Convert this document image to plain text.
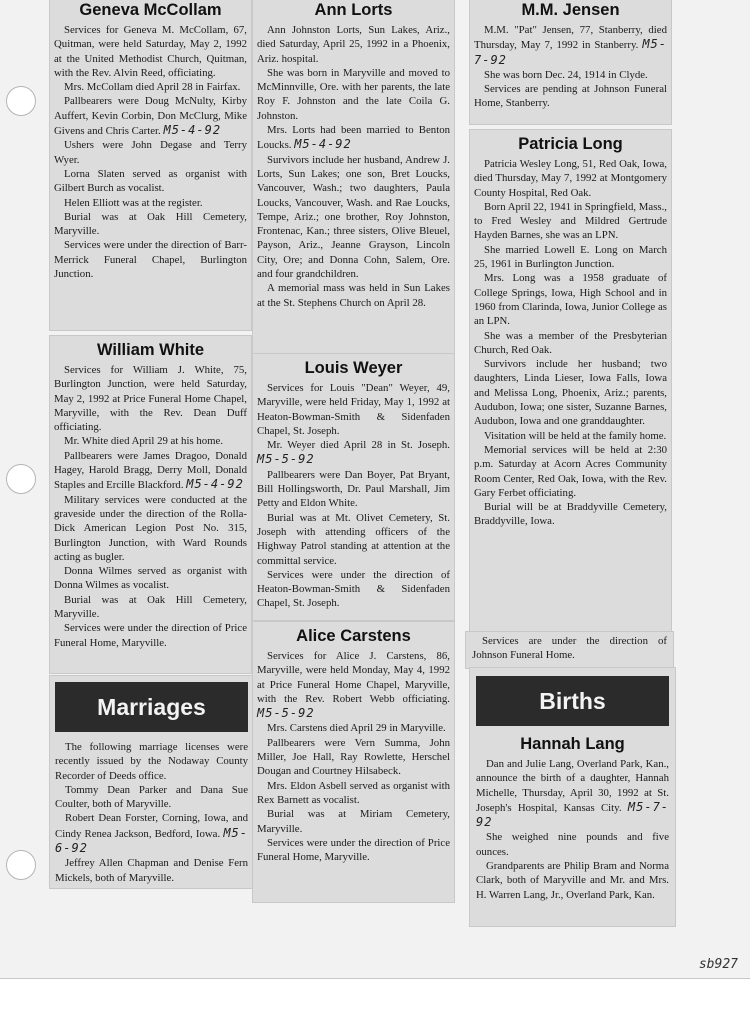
Geneva McCollam

Services for Geneva M. McCollam, 67, Quitman, were held Saturday, May 2, 1992 at the United Methodist Church, Quitman, with the Rev. Alvin Reed, officiating.

Mrs. McCollam died April 28 in Fairfax.

Pallbearers were Doug McNulty, Kirby Auffert, Kevin Corbin, Don McClurg, Mike Givens and Chris Carter. M5-4-92

Ushers were John Degase and Terry Wyer.

Lorna Slaten served as organist with Gilbert Burch as vocalist.

Helen Elliott was at the register.

Burial was at Oak Hill Cemetery, Maryville.

Services were under the direction of Barr-Merrick Funeral Chapel, Burlington Junction.

William White

Services for William J. White, 75, Burlington Junction, were held Saturday, May 2, 1992 at Price Funeral Home Chapel, Maryville, with the Rev. Dean Duff officiating.

Mr. White died April 29 at his home.

Pallbearers were James Dragoo, Donald Hagey, Harold Bragg, Derry Moll, Donald Staples and Ercille Blackford. M5-4-92

Military services were conducted at the graveside under the direction of the Rolla-Dick American Legion Post No. 315, Burlington Junction, with Ward Rounds acting as bugler.

Donna Wilmes served as organist with Donna Wilmes as vocalist.

Burial was at Oak Hill Cemetery, Maryville.

Services were under the direction of Price Funeral Home, Maryville.

Marriages

The following marriage licenses were recently issued by the Nodaway County Recorder of Deeds office.

Tommy Dean Parker and Dana Sue Coulter, both of Maryville.

Robert Dean Forster, Corning, Iowa, and Cindy Renea Jackson, Bedford, Iowa. M5-6-92

Jeffrey Allen Chapman and Denise Fern Mickels, both of Maryville.

Ann Lorts

Ann Johnston Lorts, Sun Lakes, Ariz., died Saturday, April 25, 1992 in a Phoenix, Ariz. hospital.

She was born in Maryville and moved to McMinnville, Ore. with her parents, the late Roy F. Johnston and the late Coila G. Johnston.

Mrs. Lorts had been married to Benton Loucks. M5-4-92

Survivors include her husband, Andrew J. Lorts, Sun Lakes; one son, Bret Loucks, Vancouver, Wash.; two daughters, Paula Loucks, Vancouver, Wash. and Rae Loucks, Tempe, Ariz.; one brother, Roy Johnston, Frontenac, Kan.; three sisters, Olive Bleuel, Payson, Ariz., Jeanne Grayson, Lincoln City, Ore; and Donna Cohn, Salem, Ore. and four grandchildren.

A memorial mass was held in Sun Lakes at the St. Stephens Church on April 28.

Louis Weyer

Services for Louis "Dean" Weyer, 49, Maryville, were held Friday, May 1, 1992 at Heaton-Bowman-Smith & Sidenfaden Chapel, St. Joseph.

Mr. Weyer died April 28 in St. Joseph. M5-5-92

Pallbearers were Dan Boyer, Pat Bryant, Bill Hollingsworth, Dr. Paul Marshall, Jim Petty and Eldon White.

Burial was at Mt. Olivet Cemetery, St. Joseph with attending officers of the Highway Patrol standing at attention at the committal service.

Services were under the direction of Heaton-Bowman-Smith & Sidenfaden Chapel, St. Joseph.

Alice Carstens

Services for Alice J. Carstens, 86, Maryville, were held Monday, May 4, 1992 at Price Funeral Home Chapel, Maryville, with the Rev. Robert Webb officiating. M5-5-92

Mrs. Carstens died April 29 in Maryville.

Pallbearers were Vern Summa, John Miller, Joe Hall, Ray Rowlette, Herschel Dougan and Courtney Hilsabeck.

Mrs. Eldon Asbell served as organist with Rex Barnett as vocalist.

Burial was at Miriam Cemetery, Maryville.

Services were under the direction of Price Funeral Home, Maryville.

M.M. Jensen

M.M. "Pat" Jensen, 77, Stanberry, died Thursday, May 7, 1992 in Stanberry. M5-7-92

She was born Dec. 24, 1914 in Clyde.

Services are pending at Johnson Funeral Home, Stanberry.

Patricia Long

Patricia Wesley Long, 51, Red Oak, Iowa, died Thursday, May 7, 1992 at Montgomery County Hospital, Red Oak.

Born April 22, 1941 in Springfield, Mass., to Fred Wesley and Mildred Gertrude Hayden Barnes, she was an LPN.

She married Lowell E. Long on March 25, 1961 in Burlington Junction.

Mrs. Long was a 1958 graduate of College Springs, Iowa, High School and in 1960 from Clarinda, Iowa, Junior College as an LPN.

She was a member of the Presbyterian Church, Red Oak.

Survivors include her husband; two daughters, Linda Lieser, Iowa Falls, Iowa and Melissa Long, Phoenix, Ariz.; parents, Audubon, Iowa; one sister, Suzanne Barnes, Audubon, Iowa and one granddaughter.

Visitation will be held at the family home.

Memorial services will be held at 2:30 p.m. Saturday at Acorn Acres Community Room Center, Red Oak, Iowa, with the Rev. Gary Ferbet officiating.

Burial will be at Braddyville Cemetery, Braddyville, Iowa.

Services are under the direction of Johnson Funeral Home.

Births
Hannah Lang

Dan and Julie Lang, Overland Park, Kan., announce the birth of a daughter, Hannah Michelle, Thursday, April 30, 1992 at St. Joseph's Hospital, Kansas City. M5-7-92

She weighed nine pounds and five ounces.

Grandparents are Philip Bram and Norma Clark, both of Maryville and Mr. and Mrs. H. Warren Lang, Jr., Overland Park, Kan.

sb927
